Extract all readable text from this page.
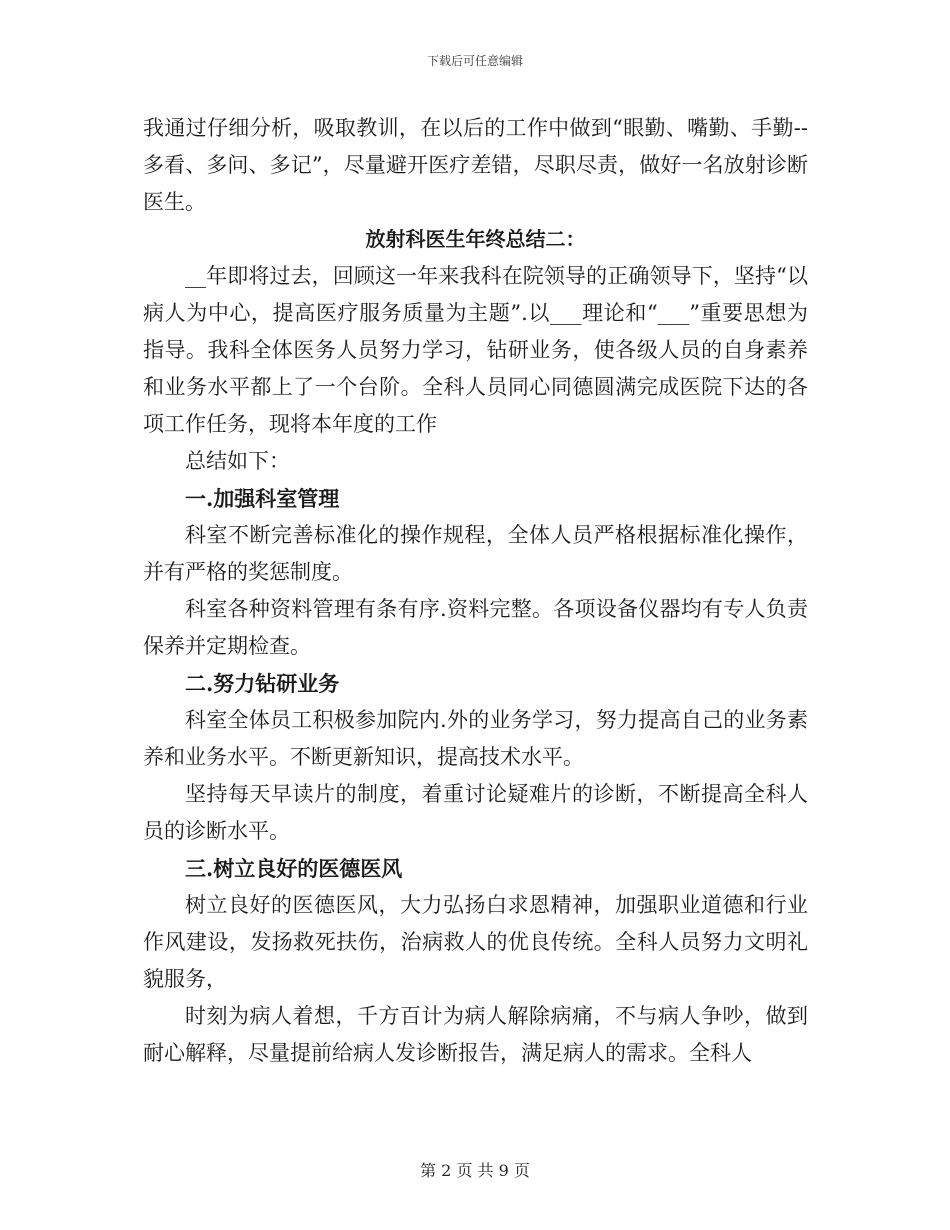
下载后可任意编辑

我通过仔细分析，吸取教训，在以后的工作中做到“眼勤、嘴勤、手勤--多看、多问、多记”，尽量避开医疗差错，尽职尽责，做好一名放射诊断医生。

放射科医生年终总结二：

__年即将过去，回顾这一年来我科在院领导的正确领导下，坚持“以病人为中心，提高医疗服务质量为主题”.以___理论和“___”重要思想为指导。我科全体医务人员努力学习，钻研业务，使各级人员的自身素养和业务水平都上了一个台阶。全科人员同心同德圆满完成医院下达的各项工作任务，现将本年度的工作

总结如下：

一.加强科室管理

科室不断完善标准化的操作规程，全体人员严格根据标准化操作，并有严格的奖惩制度。

科室各种资料管理有条有序.资料完整。各项设备仪器均有专人负责保养并定期检查。

二.努力钻研业务

科室全体员工积极参加院内.外的业务学习，努力提高自己的业务素养和业务水平。不断更新知识，提高技术水平。

坚持每天早读片的制度，着重讨论疑难片的诊断，不断提高全科人员的诊断水平。

三.树立良好的医德医风

树立良好的医德医风，大力弘扬白求恩精神，加强职业道德和行业作风建设，发扬救死扶伤，治病救人的优良传统。全科人员努力文明礼貌服务，

时刻为病人着想，千方百计为病人解除病痛，不与病人争吵，做到耐心解释，尽量提前给病人发诊断报告，满足病人的需求。全科人

第 2 页 共 9 页
